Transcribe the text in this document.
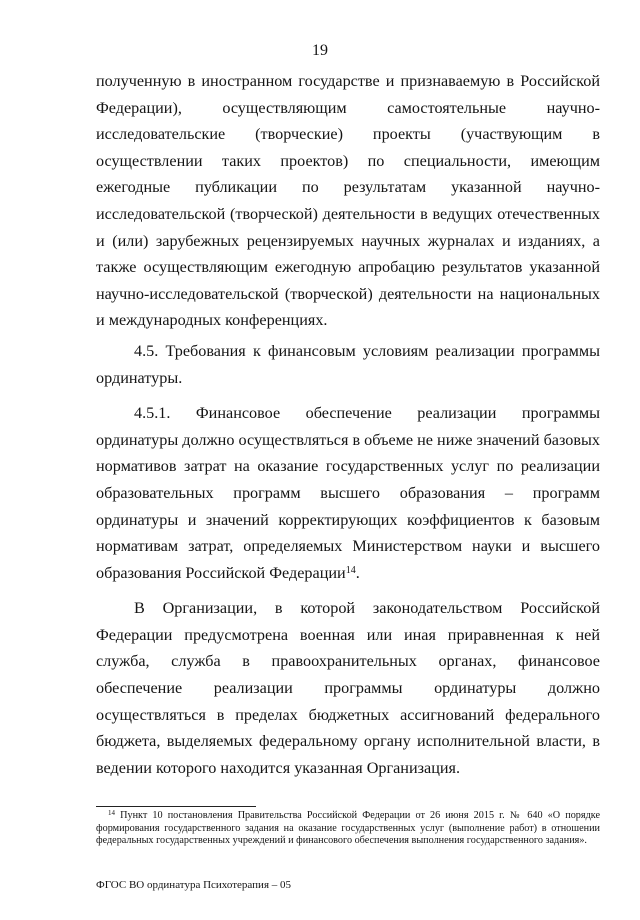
19

полученную в иностранном государстве и признаваемую в Российской Федерации), осуществляющим самостоятельные научно-исследовательские (творческие) проекты (участвующим в осуществлении таких проектов) по специальности, имеющим ежегодные публикации по результатам указанной научно-исследовательской (творческой) деятельности в ведущих отечественных и (или) зарубежных рецензируемых научных журналах и изданиях, а также осуществляющим ежегодную апробацию результатов указанной научно-исследовательской (творческой) деятельности на национальных и международных конференциях.

4.5. Требования к финансовым условиям реализации программы ординатуры.

4.5.1. Финансовое обеспечение реализации программы ординатуры должно осуществляться в объеме не ниже значений базовых нормативов затрат на оказание государственных услуг по реализации образовательных программ высшего образования – программ ординатуры и значений корректирующих коэффициентов к базовым нормативам затрат, определяемых Министерством науки и высшего образования Российской Федерации$^{14}$.

В Организации, в которой законодательством Российской Федерации предусмотрена военная или иная приравненная к ней служба, служба в правоохранительных органах, финансовое обеспечение реализации программы ординатуры должно осуществляться в пределах бюджетных ассигнований федерального бюджета, выделяемых федеральному органу исполнительной власти, в ведении которого находится указанная Организация.

$^{14}$ Пункт 10 постановления Правительства Российской Федерации от 26 июня 2015 г. № 640 «О порядке формирования государственного задания на оказание государственных услуг (выполнение работ) в отношении федеральных государственных учреждений и финансового обеспечения выполнения государственного задания».
ФГОС ВО ординатура Психотерапия – 05
